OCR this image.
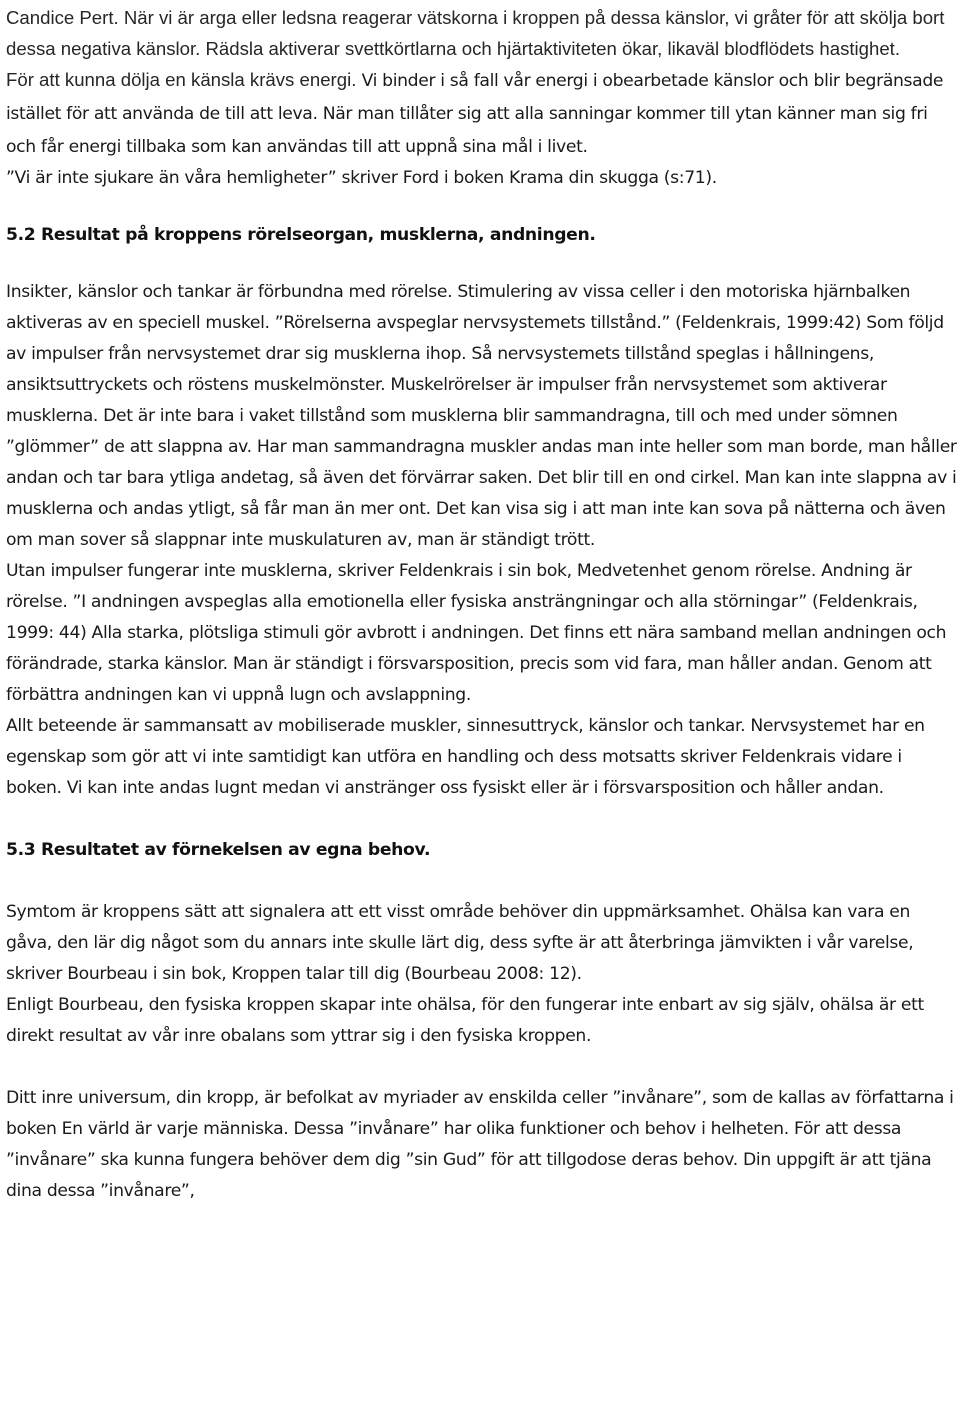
Candice Pert. När vi är arga eller ledsna reagerar vätskorna i kroppen på dessa känslor, vi gråter för att skölja bort dessa negativa känslor. Rädsla aktiverar svettkörtlarna och hjärtaktiviteten ökar, likaväl blodflödets hastighet.
För att kunna dölja en känsla krävs energi. Vi binder i så fall vår energi i obearbetade känslor och blir begränsade istället för att använda de till att leva. När man tillåter sig att alla sanningar kommer till ytan känner man sig fri och får energi tillbaka som kan användas till att uppnå sina mål i livet.

”Vi är inte sjukare än våra hemligheter” skriver Ford i boken Krama din skugga (s:71).

5.2 Resultat på kroppens rörelseorgan, musklerna, andningen.

Insikter, känslor och tankar är förbundna med rörelse. Stimulering av vissa celler i den motoriska hjärnbalken aktiveras av en speciell muskel. ”Rörelserna avspeglar nervsystemets tillstånd.” (Feldenkrais, 1999:42) Som följd av impulser från nervsystemet drar sig musklerna ihop. Så nervsystemets tillstånd speglas i hållningens, ansiktsuttryckets och röstens muskelmönster. Muskelrörelser är impulser från nervsystemet som aktiverar musklerna. Det är inte bara i vaket tillstånd som musklerna blir sammandragna, till och med under sömnen ”glömmer” de att slappna av. Har man sammandragna muskler andas man inte heller som man borde, man håller andan och tar bara ytliga andetag, så även det förvärrar saken. Det blir till en ond cirkel. Man kan inte slappna av i musklerna och andas ytligt, så får man än mer ont. Det kan visa sig i att man inte kan sova på nätterna och även om man sover så slappnar inte muskulaturen av, man är ständigt trött.

Utan impulser fungerar inte musklerna, skriver Feldenkrais i sin bok, Medvetenhet genom rörelse. Andning är rörelse. ”I andningen avspeglas alla emotionella eller fysiska ansträngningar och alla störningar” (Feldenkrais, 1999: 44) Alla starka, plötsliga stimuli gör avbrott i andningen. Det finns ett nära samband mellan andningen och förändrade, starka känslor. Man är ständigt i försvarsposition, precis som vid fara, man håller andan. Genom att förbättra andningen kan vi uppnå lugn och avslappning.

Allt beteende är sammansatt av mobiliserade muskler, sinnesuttryck, känslor och tankar. Nervsystemet har en egenskap som gör att vi inte samtidigt kan utföra en handling och dess motsatts skriver Feldenkrais vidare i boken. Vi kan inte andas lugnt medan vi anstränger oss fysiskt eller är i försvarsposition och håller andan.

5.3 Resultatet av förnekelsen av egna behov.

Symtom är kroppens sätt att signalera att ett visst område behöver din uppmärksamhet. Ohälsa kan vara en gåva, den lär dig något som du annars inte skulle lärt dig, dess syfte är att återbringa jämvikten i vår varelse, skriver Bourbeau i sin bok, Kroppen talar till dig (Bourbeau 2008: 12).

Enligt Bourbeau, den fysiska kroppen skapar inte ohälsa, för den fungerar inte enbart av sig själv, ohälsa är ett direkt resultat av vår inre obalans som yttrar sig i den fysiska kroppen.

Ditt inre universum, din kropp, är befolkat av myriader av enskilda celler ”invånare”, som de kallas av författarna i boken En värld är varje människa. Dessa ”invånare” har olika funktioner och behov i helheten. För att dessa ”invånare” ska kunna fungera behöver dem dig ”sin Gud” för att tillgodose deras behov. Din uppgift är att tjäna dina dessa ”invånare”,
